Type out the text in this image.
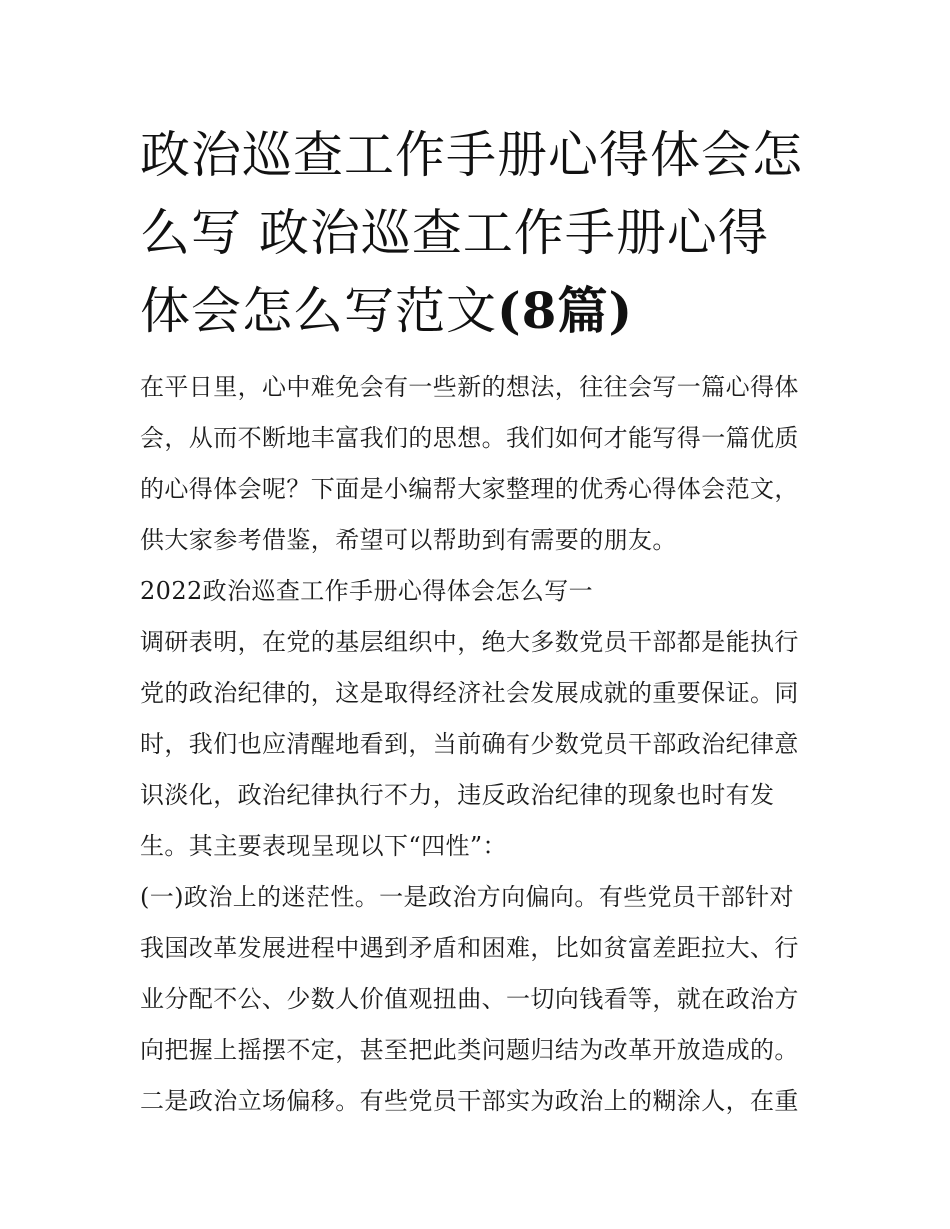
政治巡查工作手册心得体会怎么写 政治巡查工作手册心得体会怎么写范文(8篇)

在平日里，心中难免会有一些新的想法，往往会写一篇心得体会，从而不断地丰富我们的思想。我们如何才能写得一篇优质的心得体会呢？下面是小编帮大家整理的优秀心得体会范文，供大家参考借鉴，希望可以帮助到有需要的朋友。

2022政治巡查工作手册心得体会怎么写一

调研表明，在党的基层组织中，绝大多数党员干部都是能执行党的政治纪律的，这是取得经济社会发展成就的重要保证。同时，我们也应清醒地看到，当前确有少数党员干部政治纪律意识淡化，政治纪律执行不力，违反政治纪律的现象也时有发生。其主要表现呈现以下“四性”：

(一)政治上的迷茫性。一是政治方向偏向。有些党员干部针对我国改革发展进程中遇到矛盾和困难，比如贫富差距拉大、行业分配不公、少数人价值观扭曲、一切向钱看等，就在政治方向把握上摇摆不定，甚至把此类问题归结为改革开放造成的。二是政治立场偏移。有些党员干部实为政治上的糊涂人，在重
